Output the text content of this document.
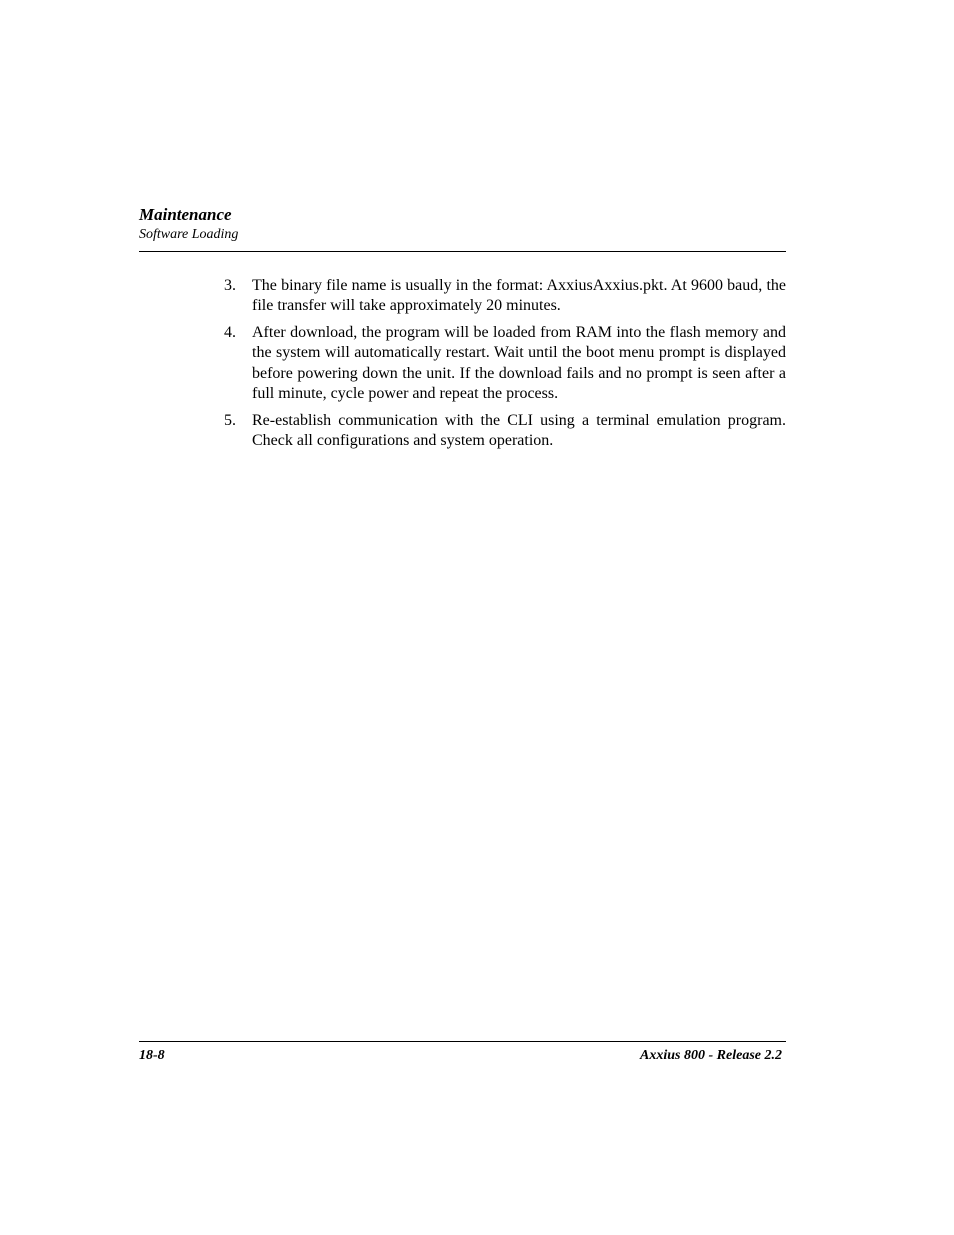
Maintenance

Software Loading

3.	The binary file name is usually in the format: AxxiusAxxius.pkt. At 9600 baud, the file transfer will take approximately 20 minutes.
4.	After download, the program will be loaded from RAM into the flash memory and the system will automatically restart. Wait until the boot menu prompt is displayed before powering down the unit. If the download fails and no prompt is seen after a full minute, cycle power and repeat the process.
5.	Re-establish communication with the CLI using a terminal emulation program. Check all configurations and system operation.
18-8	Axxius 800 - Release 2.2
